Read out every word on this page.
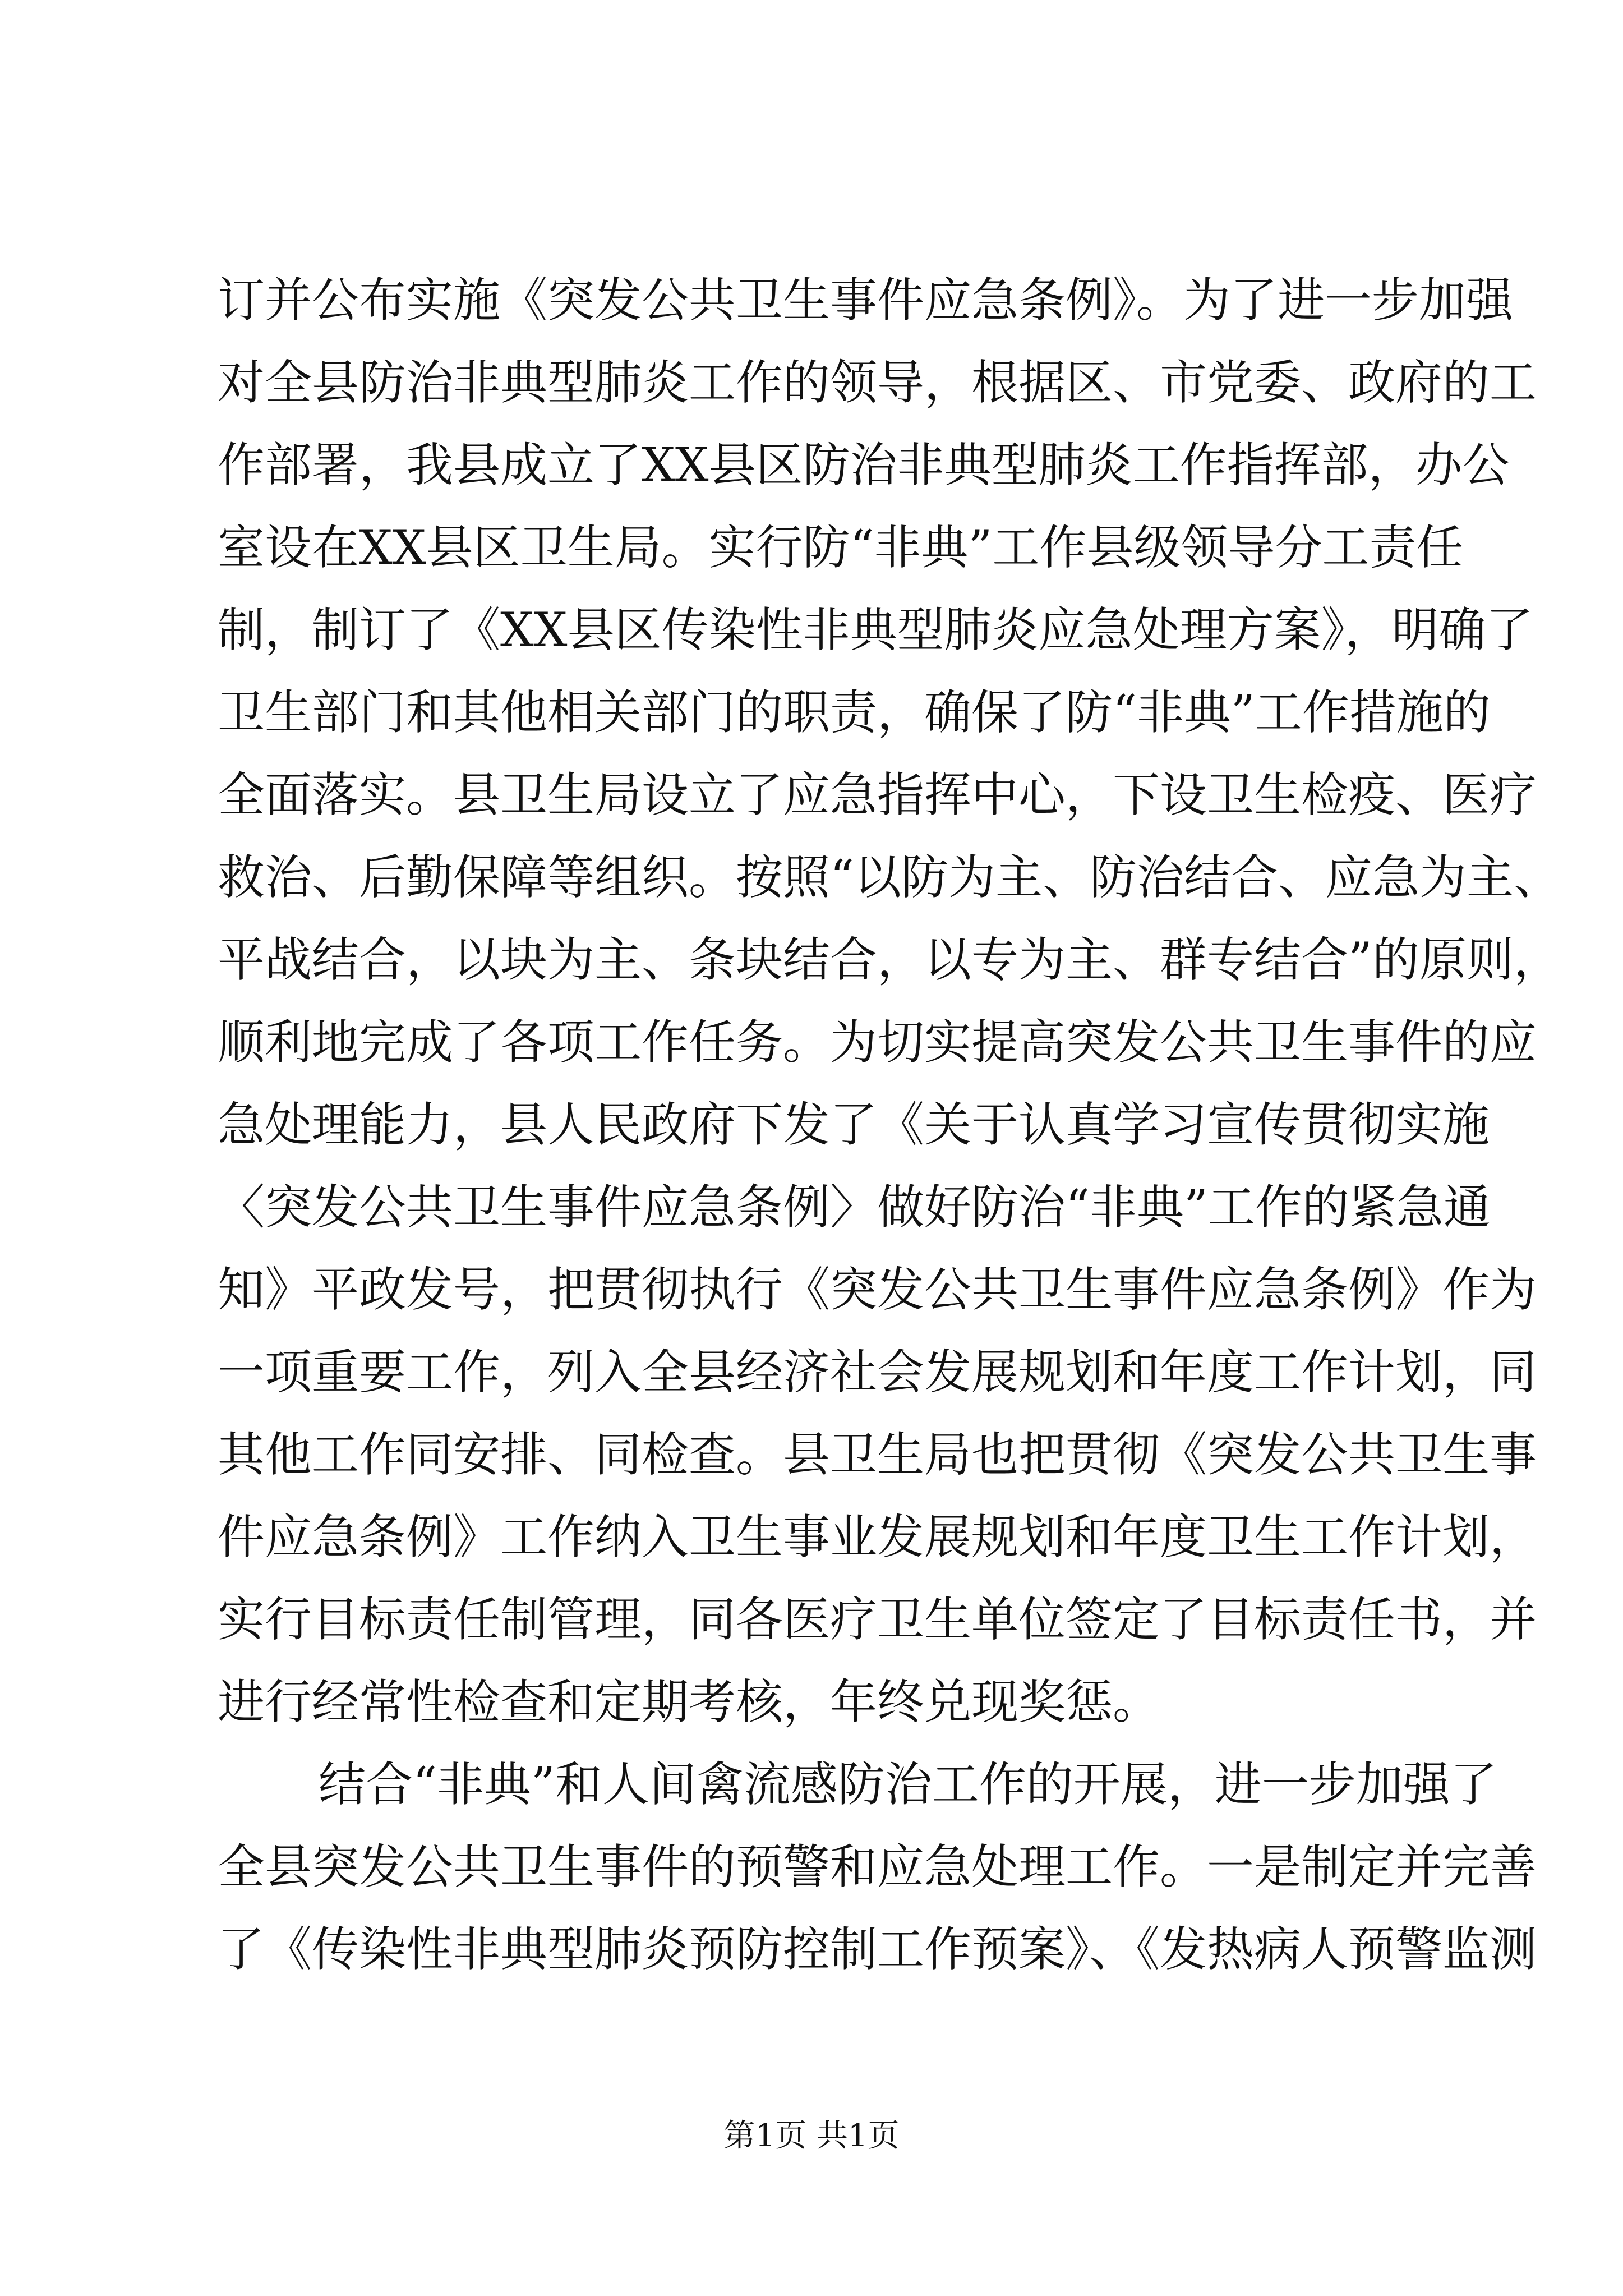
订并公布实施《突发公共卫生事件应急条例》。为了进一步加强
对全县防治非典型肺炎工作的领导，根据区、市党委、政府的工
作部署，我县成立了XX县区防治非典型肺炎工作指挥部，办公
室设在XX县区卫生局。实行防“非典”工作县级领导分工责任
制，制订了《XX县区传染性非典型肺炎应急处理方案》，明确了
卫生部门和其他相关部门的职责，确保了防“非典”工作措施的
全面落实。县卫生局设立了应急指挥中心，下设卫生检疫、医疗
救治、后勤保障等组织。按照“以防为主、防治结合、应急为主、
平战结合，以块为主、条块结合，以专为主、群专结合”的原则，
顺利地完成了各项工作任务。为切实提高突发公共卫生事件的应
急处理能力，县人民政府下发了《关于认真学习宣传贯彻实施
〈突发公共卫生事件应急条例〉做好防治“非典”工作的紧急通
知》平政发号，把贯彻执行《突发公共卫生事件应急条例》作为
一项重要工作，列入全县经济社会发展规划和年度工作计划，同
其他工作同安排、同检查。县卫生局也把贯彻《突发公共卫生事
件应急条例》工作纳入卫生事业发展规划和年度卫生工作计划，
实行目标责任制管理，同各医疗卫生单位签定了目标责任书，并
进行经常性检查和定期考核，年终兑现奖惩。
结合“非典”和人间禽流感防治工作的开展，进一步加强了
全县突发公共卫生事件的预警和应急处理工作。一是制定并完善
了《传染性非典型肺炎预防控制工作预案》、《发热病人预警监测
第1页 共1页
